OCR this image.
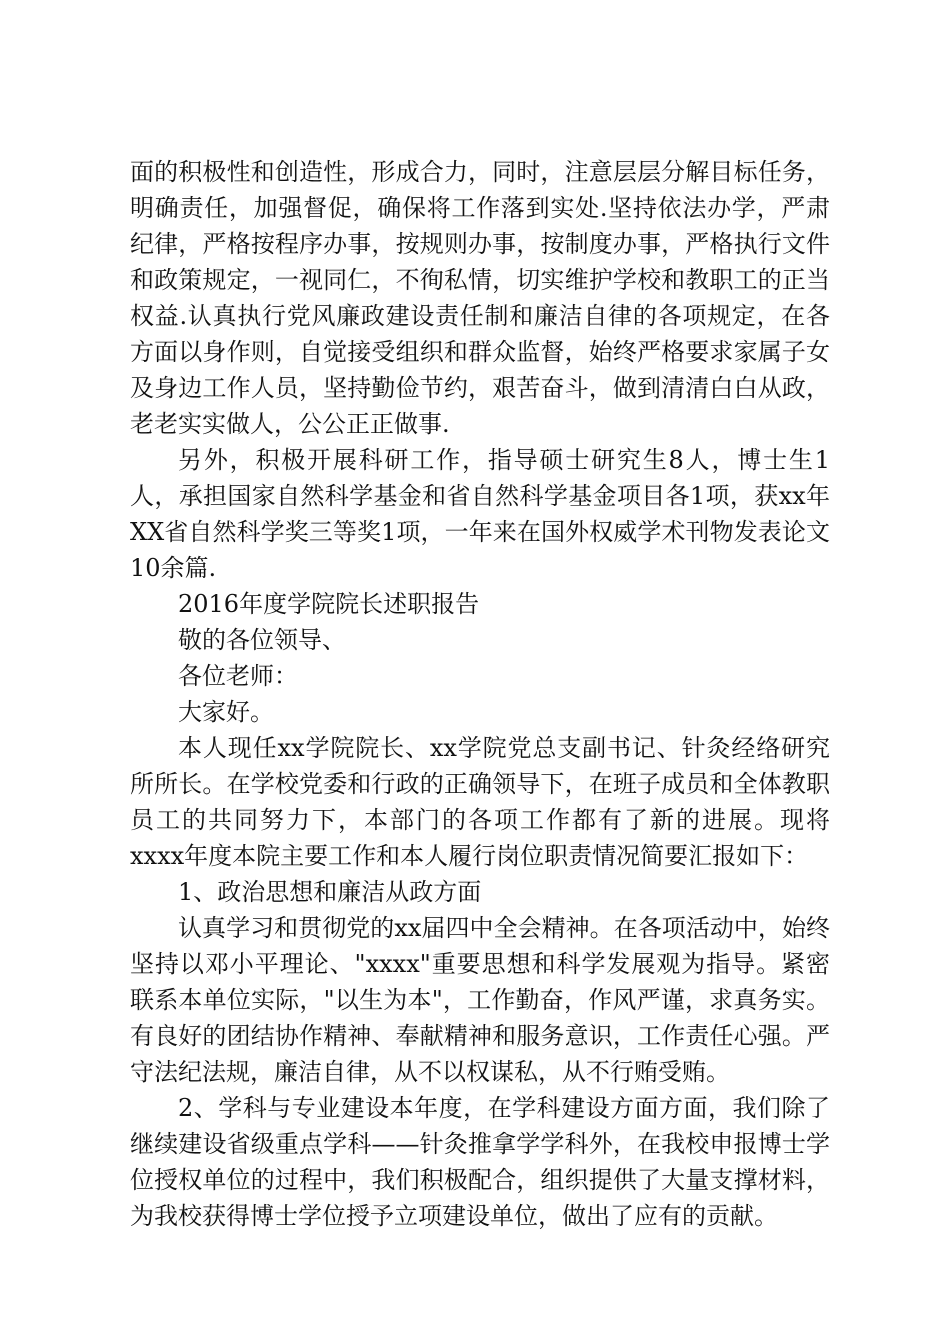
面的积极性和创造性，形成合力，同时，注意层层分解目标任务，明确责任，加强督促，确保将工作落到实处.坚持依法办学，严肃纪律，严格按程序办事，按规则办事，按制度办事，严格执行文件和政策规定，一视同仁，不徇私情，切实维护学校和教职工的正当权益.认真执行党风廉政建设责任制和廉洁自律的各项规定，在各方面以身作则，自觉接受组织和群众监督，始终严格要求家属子女及身边工作人员，坚持勤俭节约，艰苦奋斗，做到清清白白从政，老老实实做人，公公正正做事.

另外，积极开展科研工作，指导硕士研究生8人，博士生1人，承担国家自然科学基金和省自然科学基金项目各1项，获xx年XX省自然科学奖三等奖1项，一年来在国外权威学术刊物发表论文10余篇.

2016年度学院院长述职报告

敬的各位领导、

各位老师：

大家好。

本人现任xx学院院长、xx学院党总支副书记、针灸经络研究所所长。在学校党委和行政的正确领导下，在班子成员和全体教职员工的共同努力下，本部门的各项工作都有了新的进展。现将xxxx年度本院主要工作和本人履行岗位职责情况简要汇报如下：

1、政治思想和廉洁从政方面

认真学习和贯彻党的xx届四中全会精神。在各项活动中，始终坚持以邓小平理论、"xxxx"重要思想和科学发展观为指导。紧密联系本单位实际，"以生为本"，工作勤奋，作风严谨，求真务实。有良好的团结协作精神、奉献精神和服务意识，工作责任心强。严守法纪法规，廉洁自律，从不以权谋私，从不行贿受贿。

2、学科与专业建设本年度，在学科建设方面方面，我们除了继续建设省级重点学科——针灸推拿学学科外，在我校申报博士学位授权单位的过程中，我们积极配合，组织提供了大量支撑材料，为我校获得博士学位授予立项建设单位，做出了应有的贡献。
